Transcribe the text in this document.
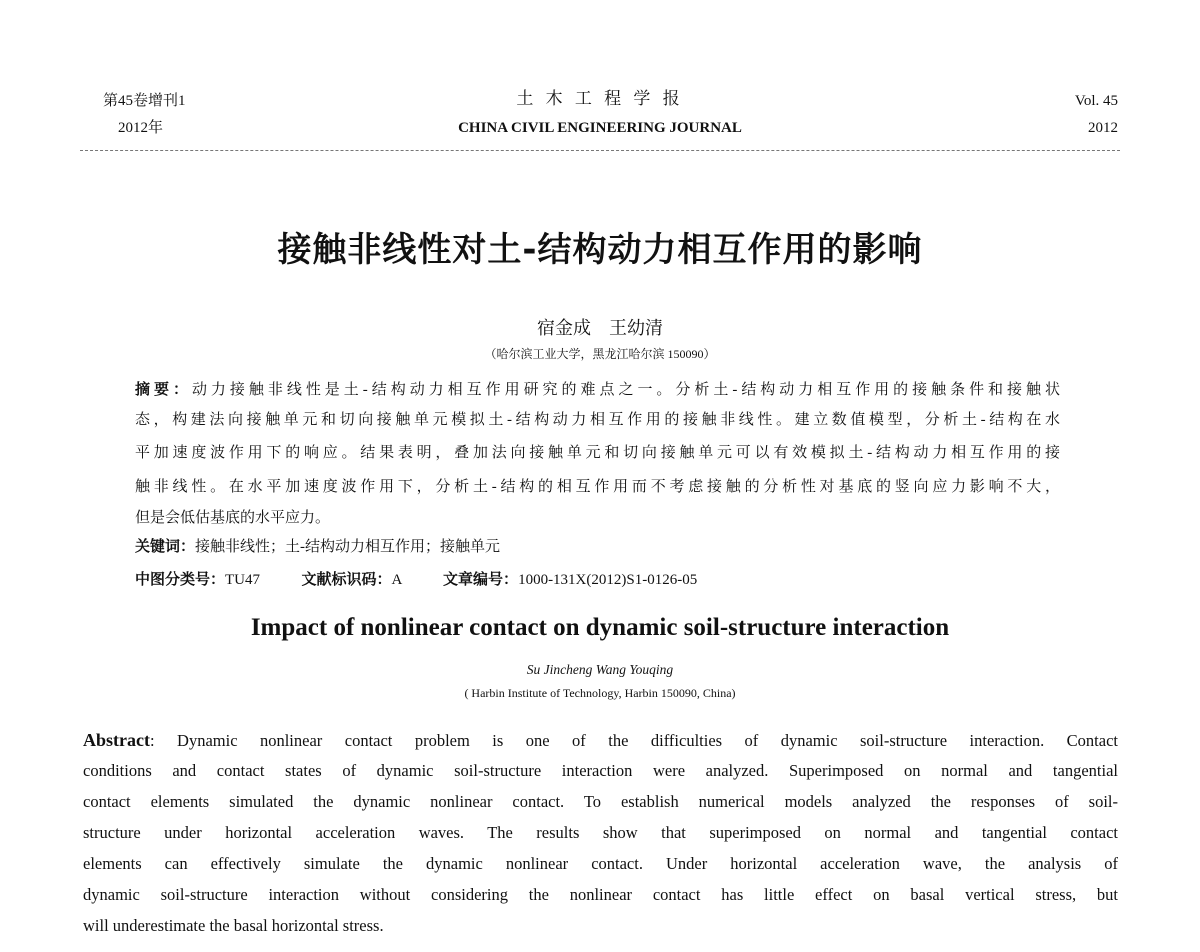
第45卷增刊1
2012年
土 木 工 程 学 报
CHINA CIVIL ENGINEERING JOURNAL
Vol. 45
2012
接触非线性对土-结构动力相互作用的影响
宿金成　王幼清
（哈尔滨工业大学，黑龙江哈尔滨 150090）
摘要：动力接触非线性是土-结构动力相互作用研究的难点之一。分析土-结构动力相互作用的接触条件和接触状
态，构建法向接触单元和切向接触单元模拟土-结构动力相互作用的接触非线性。建立数值模型，分析土-结构在水
平加速度波作用下的响应。结果表明，叠加法向接触单元和切向接触单元可以有效模拟土-结构动力相互作用的接
触非线性。在水平加速度波作用下，分析土-结构的相互作用而不考虑接触的分析性对基底的竖向应力影响不大，
但是会低估基底的水平应力。
关键词：接触非线性；土-结构动力相互作用；接触单元
中图分类号：TU47	文献标识码：A	文章编号：1000-131X(2012)S1-0126-05
Impact of nonlinear contact on dynamic soil-structure interaction
Su Jincheng Wang Youqing
( Harbin Institute of Technology, Harbin 150090, China)
Abstract: Dynamic nonlinear contact problem is one of the difficulties of dynamic soil-structure interaction. Contact
conditions and contact states of dynamic soil-structure interaction were analyzed. Superimposed on normal and tangential
contact elements simulated the dynamic nonlinear contact. To establish numerical models analyzed the responses of soil-
structure under horizontal acceleration waves. The results show that superimposed on normal and tangential contact
elements can effectively simulate the dynamic nonlinear contact. Under horizontal acceleration wave, the analysis of
dynamic soil-structure interaction without considering the nonlinear contact has little effect on basal vertical stress, but
will underestimate the basal horizontal stress.
